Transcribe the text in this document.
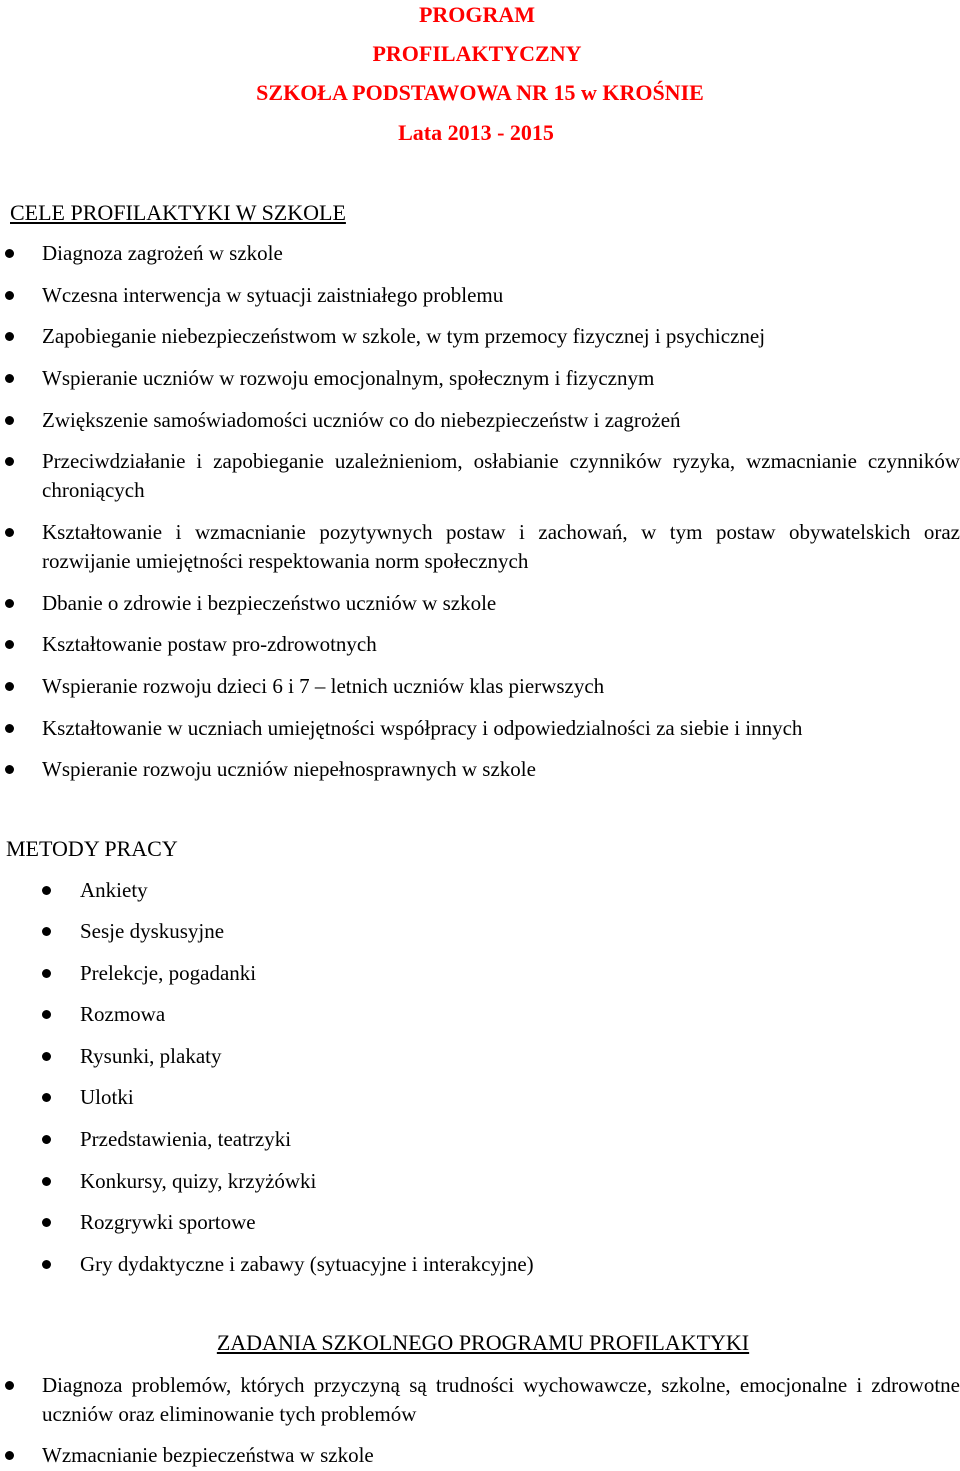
PROGRAM
PROFILAKTYCZNY
SZKOŁA PODSTAWOWA NR 15 w KROŚNIE
Lata 2013 - 2015
CELE PROFILAKTYKI W SZKOLE
Diagnoza zagrożeń w szkole
Wczesna interwencja w sytuacji zaistniałego problemu
Zapobieganie niebezpieczeństwom w szkole, w tym przemocy fizycznej i psychicznej
Wspieranie uczniów w rozwoju emocjonalnym, społecznym i fizycznym
Zwiększenie samoświadomości uczniów co do niebezpieczeństw i zagrożeń
Przeciwdziałanie i zapobieganie uzależnieniom, osłabianie czynników ryzyka, wzmacnianie czynników chroniących
Kształtowanie i wzmacnianie pozytywnych postaw i zachowań, w tym postaw obywatelskich oraz rozwijanie umiejętności respektowania norm społecznych
Dbanie o zdrowie i bezpieczeństwo uczniów w szkole
Kształtowanie postaw pro-zdrowotnych
Wspieranie rozwoju dzieci 6 i 7 – letnich uczniów klas pierwszych
Kształtowanie w uczniach umiejętności współpracy i odpowiedzialności za siebie i innych
Wspieranie rozwoju uczniów niepełnosprawnych w szkole
METODY PRACY
Ankiety
Sesje dyskusyjne
Prelekcje, pogadanki
Rozmowa
Rysunki, plakaty
Ulotki
Przedstawienia, teatrzyki
Konkursy, quizy, krzyżówki
Rozgrywki sportowe
Gry dydaktyczne i zabawy (sytuacyjne i interakcyjne)
ZADANIA SZKOLNEGO PROGRAMU PROFILAKTYKI
Diagnoza problemów, których przyczyną są trudności wychowawcze, szkolne, emocjonalne i zdrowotne uczniów oraz eliminowanie tych problemów
Wzmacnianie bezpieczeństwa w szkole
